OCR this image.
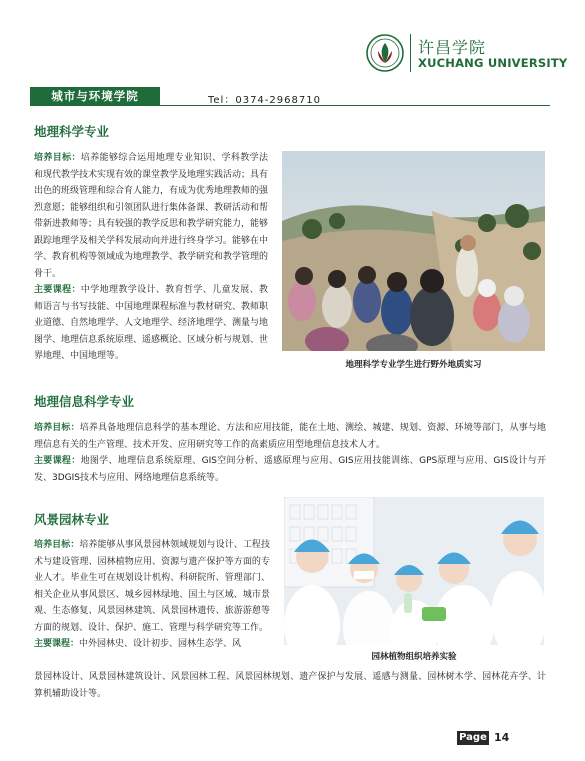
许昌学院
XUCHANG UNIVERSITY
城市与环境学院	Tel：0374-2968710
地理科学专业
培养目标：培养能够综合运用地理专业知识、学科教学法和现代教学技术实现有效的课堂教学及地理实践活动；具有出色的班级管理和综合育人能力，有成为优秀地理教师的强烈意愿；能够组织和引领团队进行集体备课、教研活动和帮带新进教师等；具有较强的教学反思和教学研究能力，能够跟踪地理学及相关学科发展动向并进行终身学习。能够在中学、教育机构等领域成为地理教学、教学研究和教学管理的骨干。
主要课程：中学地理教学设计、教育哲学、儿童发展、教师语言与书写技能、中国地理课程标准与教材研究、教师职业道德、自然地理学、人文地理学、经济地理学、测量与地图学、地理信息系统原理、遥感概论、区域分析与规划、世界地理、中国地理等。
地理科学专业学生进行野外地质实习
地理信息科学专业
培养目标：培养具备地理信息科学的基本理论、方法和应用技能，能在土地、测绘、城建、规划、资源、环境等部门，从事与地理信息有关的生产管理、技术开发、应用研究等工作的高素质应用型地理信息技术人才。
主要课程：地图学、地理信息系统原理、GIS空间分析、遥感原理与应用、GIS应用技能训练、GPS原理与应用、GIS设计与开发、3DGIS技术与应用、网络地理信息系统等。
风景园林专业
培养目标：培养能够从事风景园林领域规划与设计、工程技术与建设管理、园林植物应用、资源与遗产保护等方面的专业人才。毕业生可在规划设计机构、科研院所、管理部门、相关企业从事风景区、城乡园林绿地、国土与区域、城市景观、生态修复、风景园林建筑、风景园林遗传、旅游游憩等方面的规划、设计、保护、施工、管理与科学研究等工作。
主要课程：中外园林史、设计初步、园林生态学、风
景园林设计、风景园林建筑设计、风景园林工程、风景园林规划、遗产保护与发展、遥感与测量、园林树木学、园林花卉学、计算机辅助设计等。
园林植物组织培养实验
Page 14
